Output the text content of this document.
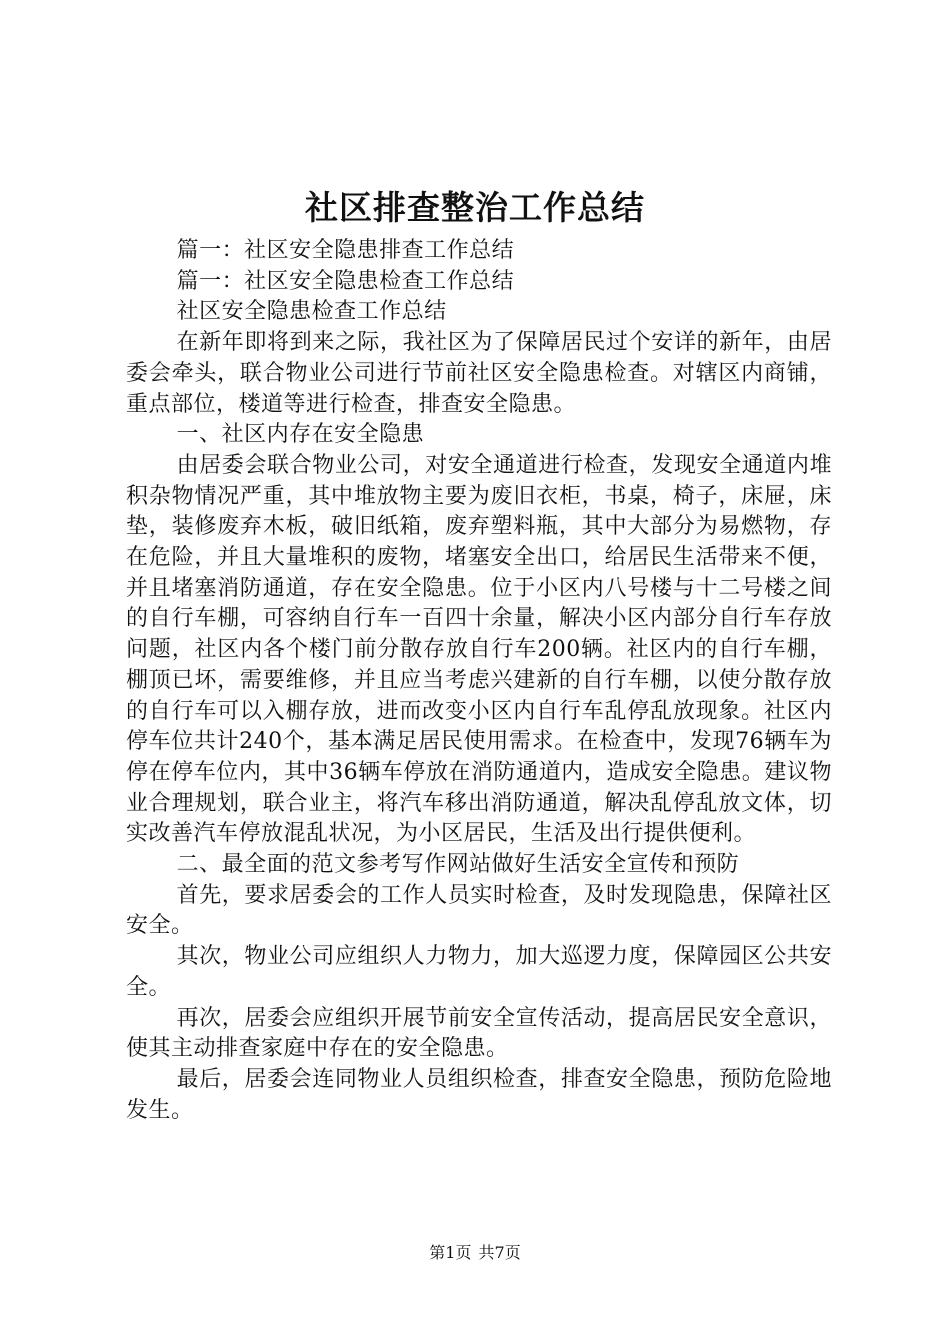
社区排查整治工作总结

篇一：社区安全隐患排查工作总结

篇一：社区安全隐患检查工作总结

社区安全隐患检查工作总结

在新年即将到来之际，我社区为了保障居民过个安详的新年，由居委会牵头，联合物业公司进行节前社区安全隐患检查。对辖区内商铺，重点部位，楼道等进行检查，排查安全隐患。

一、社区内存在安全隐患

由居委会联合物业公司，对安全通道进行检查，发现安全通道内堆积杂物情况严重，其中堆放物主要为废旧衣柜，书桌，椅子，床屉，床垫，装修废弃木板，破旧纸箱，废弃塑料瓶，其中大部分为易燃物，存在危险，并且大量堆积的废物，堵塞安全出口，给居民生活带来不便，并且堵塞消防通道，存在安全隐患。位于小区内八号楼与十二号楼之间的自行车棚，可容纳自行车一百四十余量，解决小区内部分自行车存放问题，社区内各个楼门前分散存放自行车200辆。社区内的自行车棚，棚顶已坏，需要维修，并且应当考虑兴建新的自行车棚，以使分散存放的自行车可以入棚存放，进而改变小区内自行车乱停乱放现象。社区内停车位共计240个，基本满足居民使用需求。在检查中，发现76辆车为停在停车位内，其中36辆车停放在消防通道内，造成安全隐患。建议物业合理规划，联合业主，将汽车移出消防通道，解决乱停乱放文体，切实改善汽车停放混乱状况，为小区居民，生活及出行提供便利。

二、最全面的范文参考写作网站做好生活安全宣传和预防

首先，要求居委会的工作人员实时检查，及时发现隐患，保障社区安全。

其次，物业公司应组织人力物力，加大巡逻力度，保障园区公共安全。

再次，居委会应组织开展节前安全宣传活动，提高居民安全意识，使其主动排查家庭中存在的安全隐患。

最后，居委会连同物业人员组织检查，排查安全隐患，预防危险地发生。

第1页 共7页
